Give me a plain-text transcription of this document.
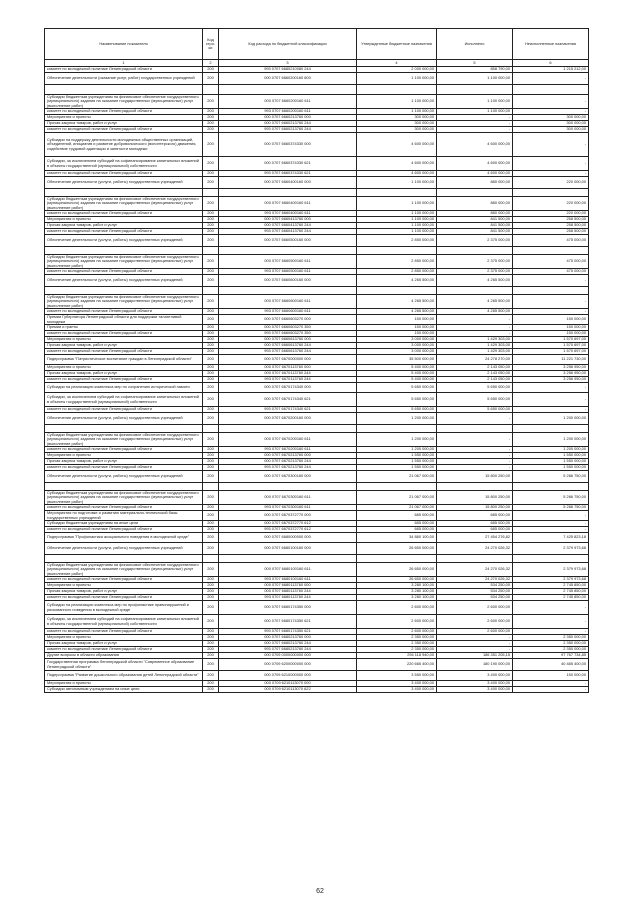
Наименование показателя	Код стро-ки	Код расхода по бюджетной классификации	Утвержденные бюджетные назначения	Исполнено	Неисполненные назначения
1	2	3	4	5	6
комитет по молодежной политике Ленинградской области	200	993 0707 6680210080 244	2 000 000,00	858 790,00	1 215 212,00
Обеспечение деятельности (оказание услуг, работ) государственных учреждений	200	000 0707 6660200160 600	1 100 000,00	1 100 000,00	-

Субсидии бюджетным учреждениям на финансовое обеспечение государственного (муниципального) задания на оказание государственных (муниципальных) услуг (выполнение работ)	200	000 0707 6660200160 611	1 100 000,00	1 100 000,00	-
комитет по молодежной политике Ленинградской области	200	993 0707 6660200160 611	1 100 000,00	1 100 000,00	-
Мероприятия и проекты	200	000 0707 6660213760 000	300 000,00	-	300 000,00
Прочая закупка товаров, работ и услуг	200	000 0707 6660213760 244	300 000,00	-	300 000,00
комитет по молодежной политике Ленинградской области	200	993 0707 6660213760 244	300 000,00	-	300 000,00
Субсидии на поддержку деятельности молодежных общественных организаций, объединений, инициатив и развитие добровольческого (волонтерского) движения, содействие трудовой адаптации и занятости молодежи	200	000 0707 6660374330 000	4 600 000,00	4 600 000,00	-
Субсидии, за исключением субсидий на софинансирование капитальных вложений в объекты государственной (муниципальной) собственности	200	000 0707 6660374330 621	4 600 000,00	4 600 000,00	-
комитет по молодежной политике Ленинградской области	200	993 0707 6660374330 621	4 600 000,00	4 600 000,00	-
Обеспечение деятельности (услуги, работы) государственных учреждений	200	000 0707 6660400160 000	1 100 000,00	880 000,00	220 000,00

Субсидии бюджетным учреждениям на финансовое обеспечение государственного (муниципального) задания на оказание государственных (муниципальных) услуг (выполнение работ)	200	000 0707 6660400160 611	1 100 000,00	880 000,00	220 000,00
комитет по молодежной политике Ленинградской области	200	993 0707 6660400160 611	1 100 000,00	880 000,00	220 000,00
Мероприятия и проекты	200	000 0707 6660413760 000	1 100 000,00	841 500,00	258 500,00
Прочая закупка товаров, работ и услуг	200	000 0707 6660413760 244	1 100 000,00	841 500,00	258 500,00
комитет по молодежной политике Ленинградской области	200	993 0707 6660413760 244	1 100 000,00	841 500,00	258 500,00
Обеспечение деятельности (услуги, работы) государственных учреждений	200	000 0707 6660500160 000	2 850 000,00	2 375 000,00	475 000,00

Субсидии бюджетным учреждениям на финансовое обеспечение государственного (муниципального) задания на оказание государственных (муниципальных) услуг (выполнение работ)	200	000 0707 6660500160 611	2 850 000,00	2 375 000,00	475 000,00
комитет по молодежной политике Ленинградской области	200	993 0707 6660500160 611	2 850 000,00	2 375 000,00	475 000,00
Обеспечение деятельности (услуги, работы) государственных учреждений	200	000 0707 6660600160 000	4 265 500,00	4 265 500,00	-

Субсидии бюджетным учреждениям на финансовое обеспечение государственного (муниципального) задания на оказание государственных (муниципальных) услуг (выполнение работ)	200	000 0707 6660600160 611	4 265 500,00	4 265 500,00	-
комитет по молодежной политике Ленинградской области	200	993 0707 6660600160 611	4 265 500,00	4 265 500,00	-
Премии Губернатора Ленинградской области для поддержки талантливой молодежи	200	000 0707 6660603270 000	150 000,00	-	150 000,00
Премии и гранты	200	000 0707 6660603270 350	150 000,00	-	150 000,00
комитет по молодежной политике Ленинградской области	200	993 0707 6660603270 350	150 000,00	-	150 000,00
Мероприятия и проекты	200	000 0707 6660613760 000	3 000 000,00	1 429 303,00	1 570 697,00
Прочая закупка товаров, работ и услуг	200	000 0707 6660613760 244	3 000 000,00	1 429 303,00	1 570 697,00
комитет по молодежной политике Ленинградской области	200	993 0707 6660613760 244	3 000 000,00	1 429 303,00	1 570 697,00
Подпрограмма "Патриотическое воспитание граждан в Ленинградской области"	200	000 0707 6670000000 000	35 500 000,00	24 278 270,00	11 221 730,00
Мероприятия и проекты	200	000 0707 6670113760 000	5 400 000,00	2 143 050,00	3 256 950,00
Прочая закупка товаров, работ и услуг	200	000 0707 6670113760 244	5 400 000,00	2 143 050,00	3 256 950,00
комитет по молодежной политике Ленинградской области	200	993 0707 6670113760 244	5 400 000,00	2 143 050,00	3 256 950,00
Субсидии на реализацию комплекса мер по сохранению исторической памяти	200	000 0707 6670174340 000	5 650 000,00	5 650 000,00	-
Субсидии, за исключением субсидий на софинансирование капитальных вложений в объекты государственной (муниципальной) собственности	200	000 0707 6670174340 621	5 650 000,00	5 650 000,00	-
комитет по молодежной политике Ленинградской области	200	993 0707 6670174340 621	5 650 000,00	5 650 000,00	-
Обеспечение деятельности (услуги, работы) государственных учреждений	200	000 0707 6670200160 000	1 200 000,00	-	1 200 000,00

Субсидии бюджетным учреждениям на финансовое обеспечение государственного (муниципального) задания на оказание государственных (муниципальных) услуг (выполнение работ)	200	000 0707 6670200160 611	1 200 000,00	-	1 200 000,00
комитет по молодежной политике Ленинградской области	200	993 0707 6670200160 611	1 200 000,00	-	1 200 000,00
Мероприятия и проекты	200	000 0707 6670213760 000	1 550 000,00	-	1 550 000,00
Прочая закупка товаров, работ и услуг	200	000 0707 6670213760 244	1 550 000,00	-	1 550 000,00
комитет по молодежной политике Ленинградской области	200	993 0707 6670213760 244	1 550 000,00	-	1 550 000,00
Обеспечение деятельности (услуги, работы) государственных учреждений	200	000 0707 6670300160 000	21 067 000,00	15 800 250,00	5 266 750,00

Субсидии бюджетным учреждениям на финансовое обеспечение государственного (муниципального) задания на оказание государственных (муниципальных) услуг (выполнение работ)	200	000 0707 6670300160 611	21 067 000,00	15 800 250,00	5 266 750,00
комитет по молодежной политике Ленинградской области	200	993 0707 6670300160 611	21 067 000,00	15 800 250,00	5 266 750,00
Мероприятия по подготовке и развитию материально-технической базы государственных учреждений	200	000 0707 6670372770 000	685 000,00	685 000,00	-
Субсидии бюджетным учреждениям на иные цели	200	000 0707 6670372770 612	685 000,00	685 000,00	-
комитет по молодежной политике Ленинградской области	200	993 0707 6670372770 612	685 000,00	685 000,00	-
Подпрограмма "Профилактика асоциального поведения в молодежной среде"	200	000 0707 6680000000 000	34 880 100,00	27 454 276,82	7 425 823,18
Обеспечение деятельности (услуги, работы) государственных учреждений	200	000 0707 6680100160 000	26 650 000,00	24 270 026,32	2 379 973,68

Субсидии бюджетным учреждениям на финансовое обеспечение государственного (муниципального) задания на оказание государственных (муниципальных) услуг (выполнение работ)	200	000 0707 6680100160 611	26 650 000,00	24 270 026,32	2 379 973,68
комитет по молодежной политике Ленинградской области	200	993 0707 6680100160 611	26 650 000,00	24 270 026,32	2 379 973,68
Мероприятия и проекты	200	000 0707 6680113760 000	3 280 100,00	534 250,00	2 745 850,00
Прочая закупка товаров, работ и услуг	200	000 0707 6680113760 244	3 280 100,00	534 250,00	2 745 850,00
комитет по молодежной политике Ленинградской области	200	993 0707 6680113760 244	3 280 100,00	534 250,00	2 745 850,00
Субсидии на реализацию комплекса мер по профилактике правонарушений и рискованного поведения в молодежной среде	200	000 0707 6680174350 000	2 600 000,00	2 600 000,00	-
Субсидии, за исключением субсидий на софинансирование капитальных вложений в объекты государственной (муниципальной) собственности	200	000 0707 6680174350 621	2 600 000,00	2 600 000,00	-
комитет по молодежной политике Ленинградской области	200	993 0707 6680174350 621	2 600 000,00	2 600 000,00	-
Мероприятия и проекты	200	000 0707 6680213760 000	2 350 000,00	-	2 350 000,00
Прочая закупка товаров, работ и услуг	200	000 0707 6680213760 244	2 350 000,00	-	2 350 000,00
комитет по молодежной политике Ленинградской области	200	993 0707 6680213760 244	2 350 000,00	-	2 350 000,00
Другие вопросы в области образования	200	000 0709 0000000000 000	294 118 940,00	186 351 205,15	97 767 734,85
Государственная программа Ленинградской области "Современное образование Ленинградской области"	200	000 0709 6200000000 000	220 665 400,00	180 190 000,00	40 485 400,00
Подпрограмма "Развитие дошкольного образования детей Ленинградской области"	200	000 0709 6210000000 000	3 550 000,00	3 400 000,00	150 000,00
Мероприятия и проекты	200	000 0709 6210113070 000	3 400 000,00	3 400 000,00	-
Субсидии автономным учреждениям на иные цели	200	000 0709 6210113070 622	3 400 000,00	3 400 000,00	-
62
